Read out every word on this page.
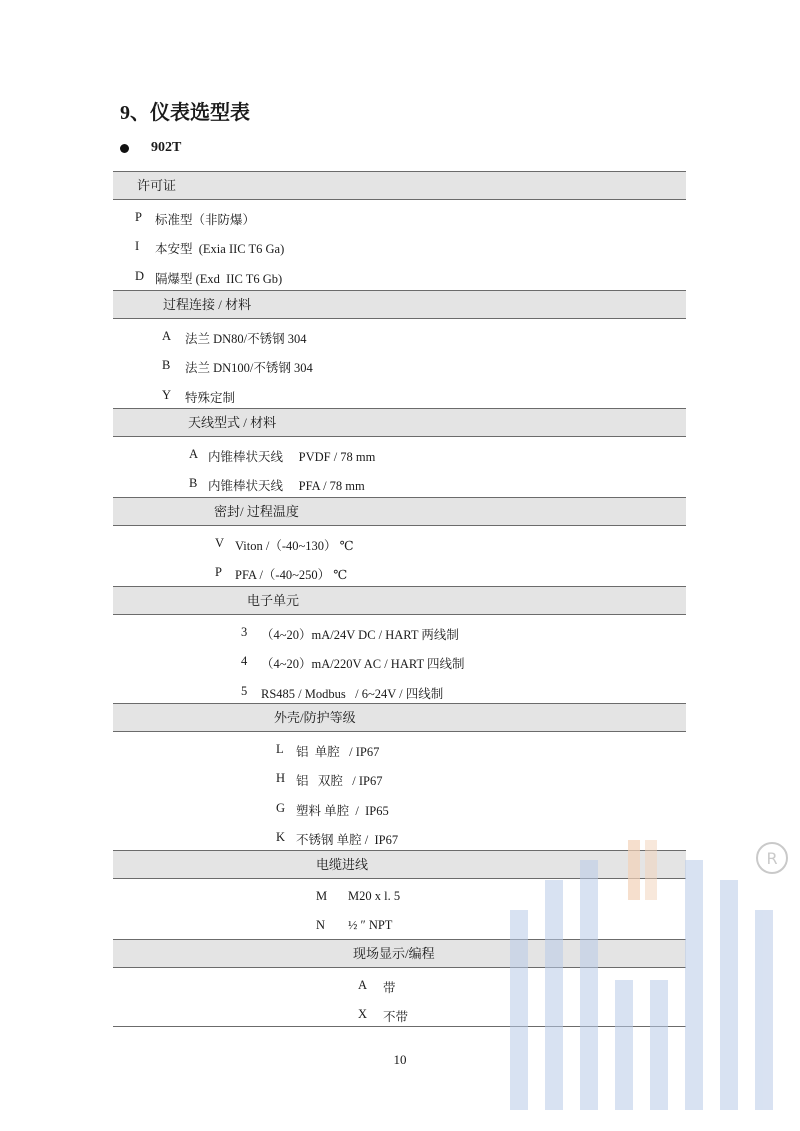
9、仪表选型表
902T
许可证
P 标准型（非防爆）
I 本安型  (Exia IIC T6 Ga)
D 隔爆型 (Exd  IIC T6 Gb)
过程连接 / 材料
A 法兰 DN80/不锈钢 304
B 法兰 DN100/不锈钢 304
Y 特殊定制
天线型式 / 材料
A 内锥棒状天线     PVDF / 78 mm
B 内锥棒状天线     PFA / 78 mm
密封/ 过程温度
V Viton /（-40~130） ℃
P PFA /（-40~250） ℃
电子单元
3 （4~20）mA/24V DC / HART 两线制
4 （4~20）mA/220V AC / HART 四线制
5 RS485 / Modbus   / 6~24V / 四线制
外壳/防护等级
L 铝  单腔   / IP67
H 铝   双腔   / IP67
G 塑料 单腔  /  IP65
K 不锈钢 单腔 /  IP67
电缆进线
M M20 x l. 5
N ½ ″ NPT
现场显示/编程
A 带
X 不带
10
R
